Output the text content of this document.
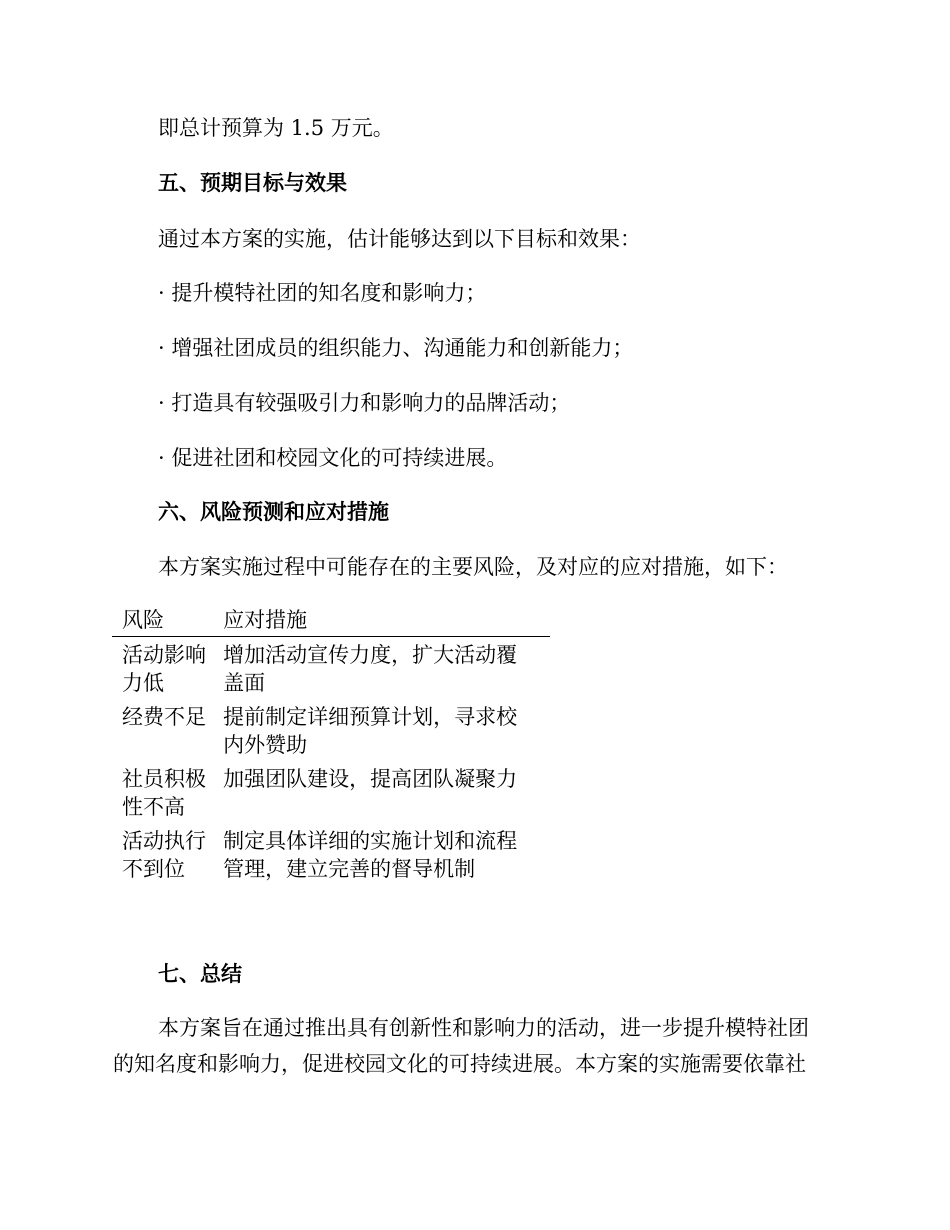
即总计预算为 1.5 万元。

五、预期目标与效果

通过本方案的实施，估计能够达到以下目标和效果：

· 提升模特社团的知名度和影响力；

· 增强社团成员的组织能力、沟通能力和创新能力；

· 打造具有较强吸引力和影响力的品牌活动；

· 促进社团和校园文化的可持续进展。

六、风险预测和应对措施

本方案实施过程中可能存在的主要风险，及对应的应对措施，如下：

风险	应对措施
活动影响力低	增加活动宣传力度，扩大活动覆盖面
经费不足	提前制定详细预算计划，寻求校内外赞助
社员积极性不高	加强团队建设，提高团队凝聚力
活动执行不到位	制定具体详细的实施计划和流程管理，建立完善的督导机制
七、总结
本方案旨在通过推出具有创新性和影响力的活动，进一步提升模特社团
的知名度和影响力，促进校园文化的可持续进展。本方案的实施需要依靠社
